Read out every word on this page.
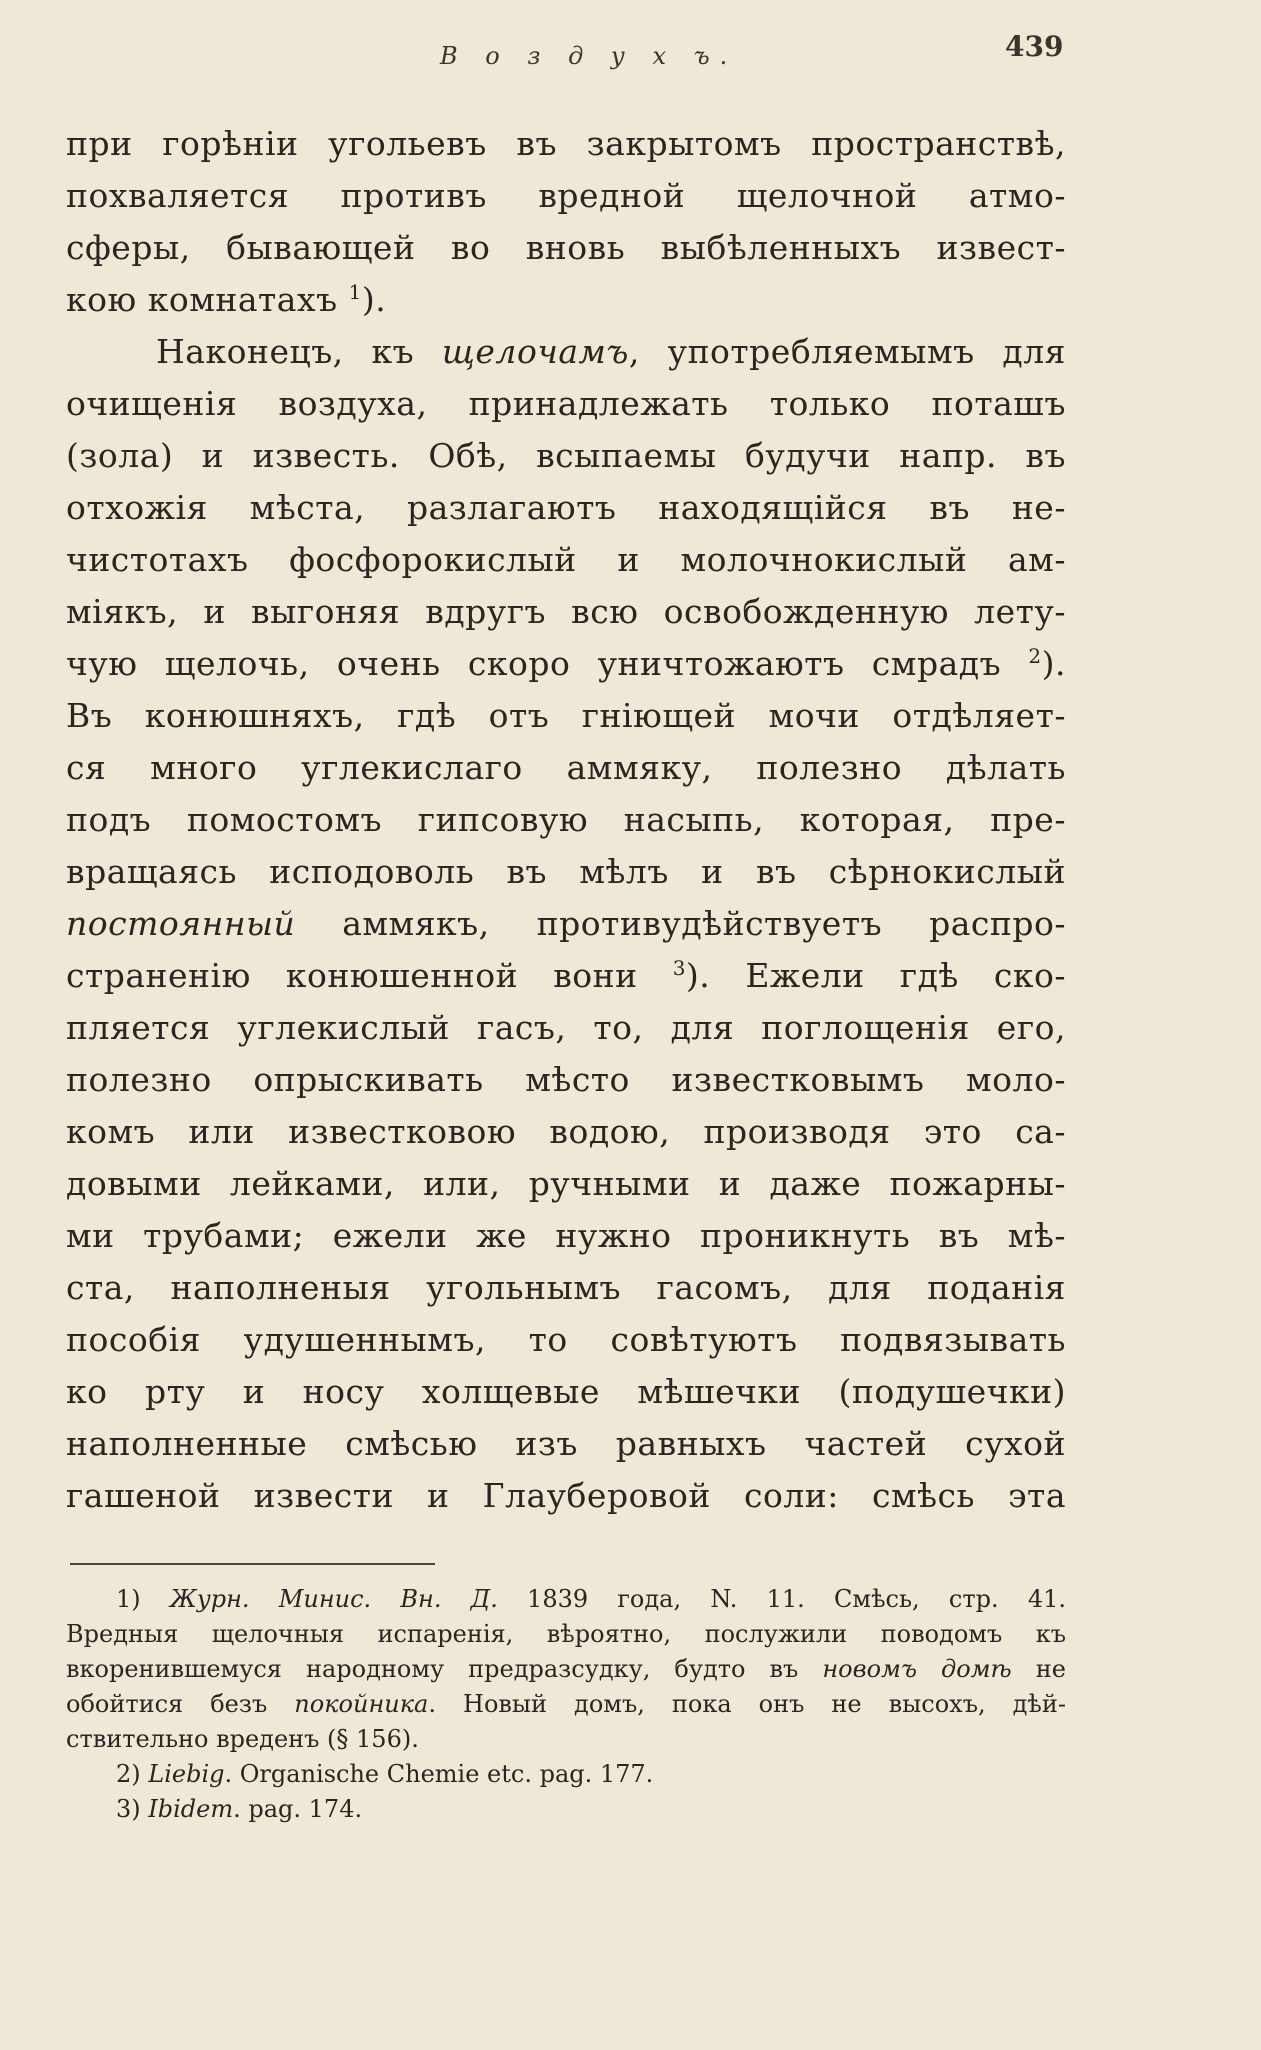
В о з д у х ъ.	439
при горѣніи угольевъ въ закрытомъ пространствѣ,
похваляется противъ вредной щелочной атмо-
сферы, бывающей во вновь выбѣленныхъ извест-
кою комнатахъ $^1$).
Наконецъ, къ щелочамъ, употребляемымъ для
очищенія воздуха, принадлежать только поташъ
(зола) и известь. Обѣ, всыпаемы будучи напр. въ
отхожія мѣста, разлагаютъ находящійся въ не-
чистотахъ фосфорокислый и молочнокислый ам-
міякъ, и выгоняя вдругъ всю освобожденную лету-
чую щелочь, очень скоро уничтожаютъ смрадъ $^2$).
Въ конюшняхъ, гдѣ отъ гніющей мочи отдѣляет-
ся много углекислаго аммяку, полезно дѣлать
подъ помостомъ гипсовую насыпь, которая, пре-
вращаясь исподоволь въ мѣлъ и въ сѣрнокислый
постоянный аммякъ, противудѣйствуетъ распро-
страненію конюшенной вони $^3$). Ежели гдѣ ско-
пляется углекислый гасъ, то, для поглощенія его,
полезно опрыскивать мѣсто известковымъ моло-
комъ или известковою водою, производя это са-
довыми лейками, или, ручными и даже пожарны-
ми трубами; ежели же нужно проникнуть въ мѣ-
ста, наполненыя угольнымъ гасомъ, для поданія
пособія удушеннымъ, то совѣтуютъ подвязывать
ко рту и носу холщевые мѣшечки (подушечки)
наполненные смѣсью изъ равныхъ частей сухой
гашеной извести и Глауберовой соли: смѣсь эта
1) Журн. Минис. Вн. Д. 1839 года, N. 11. Смѣсь, стр. 41.
Вредныя щелочныя испаренія, вѣроятно, послужили поводомъ къ
вкоренившемуся народному предразсудку, будто въ новомъ домѣ не
обойтися безъ покойника. Новый домъ, пока онъ не высохъ, дѣй-
ствительно вреденъ (§ 156).
2) Liebig. Organische Chemie etc. pag. 177.
3) Ibidem. pag. 174.
